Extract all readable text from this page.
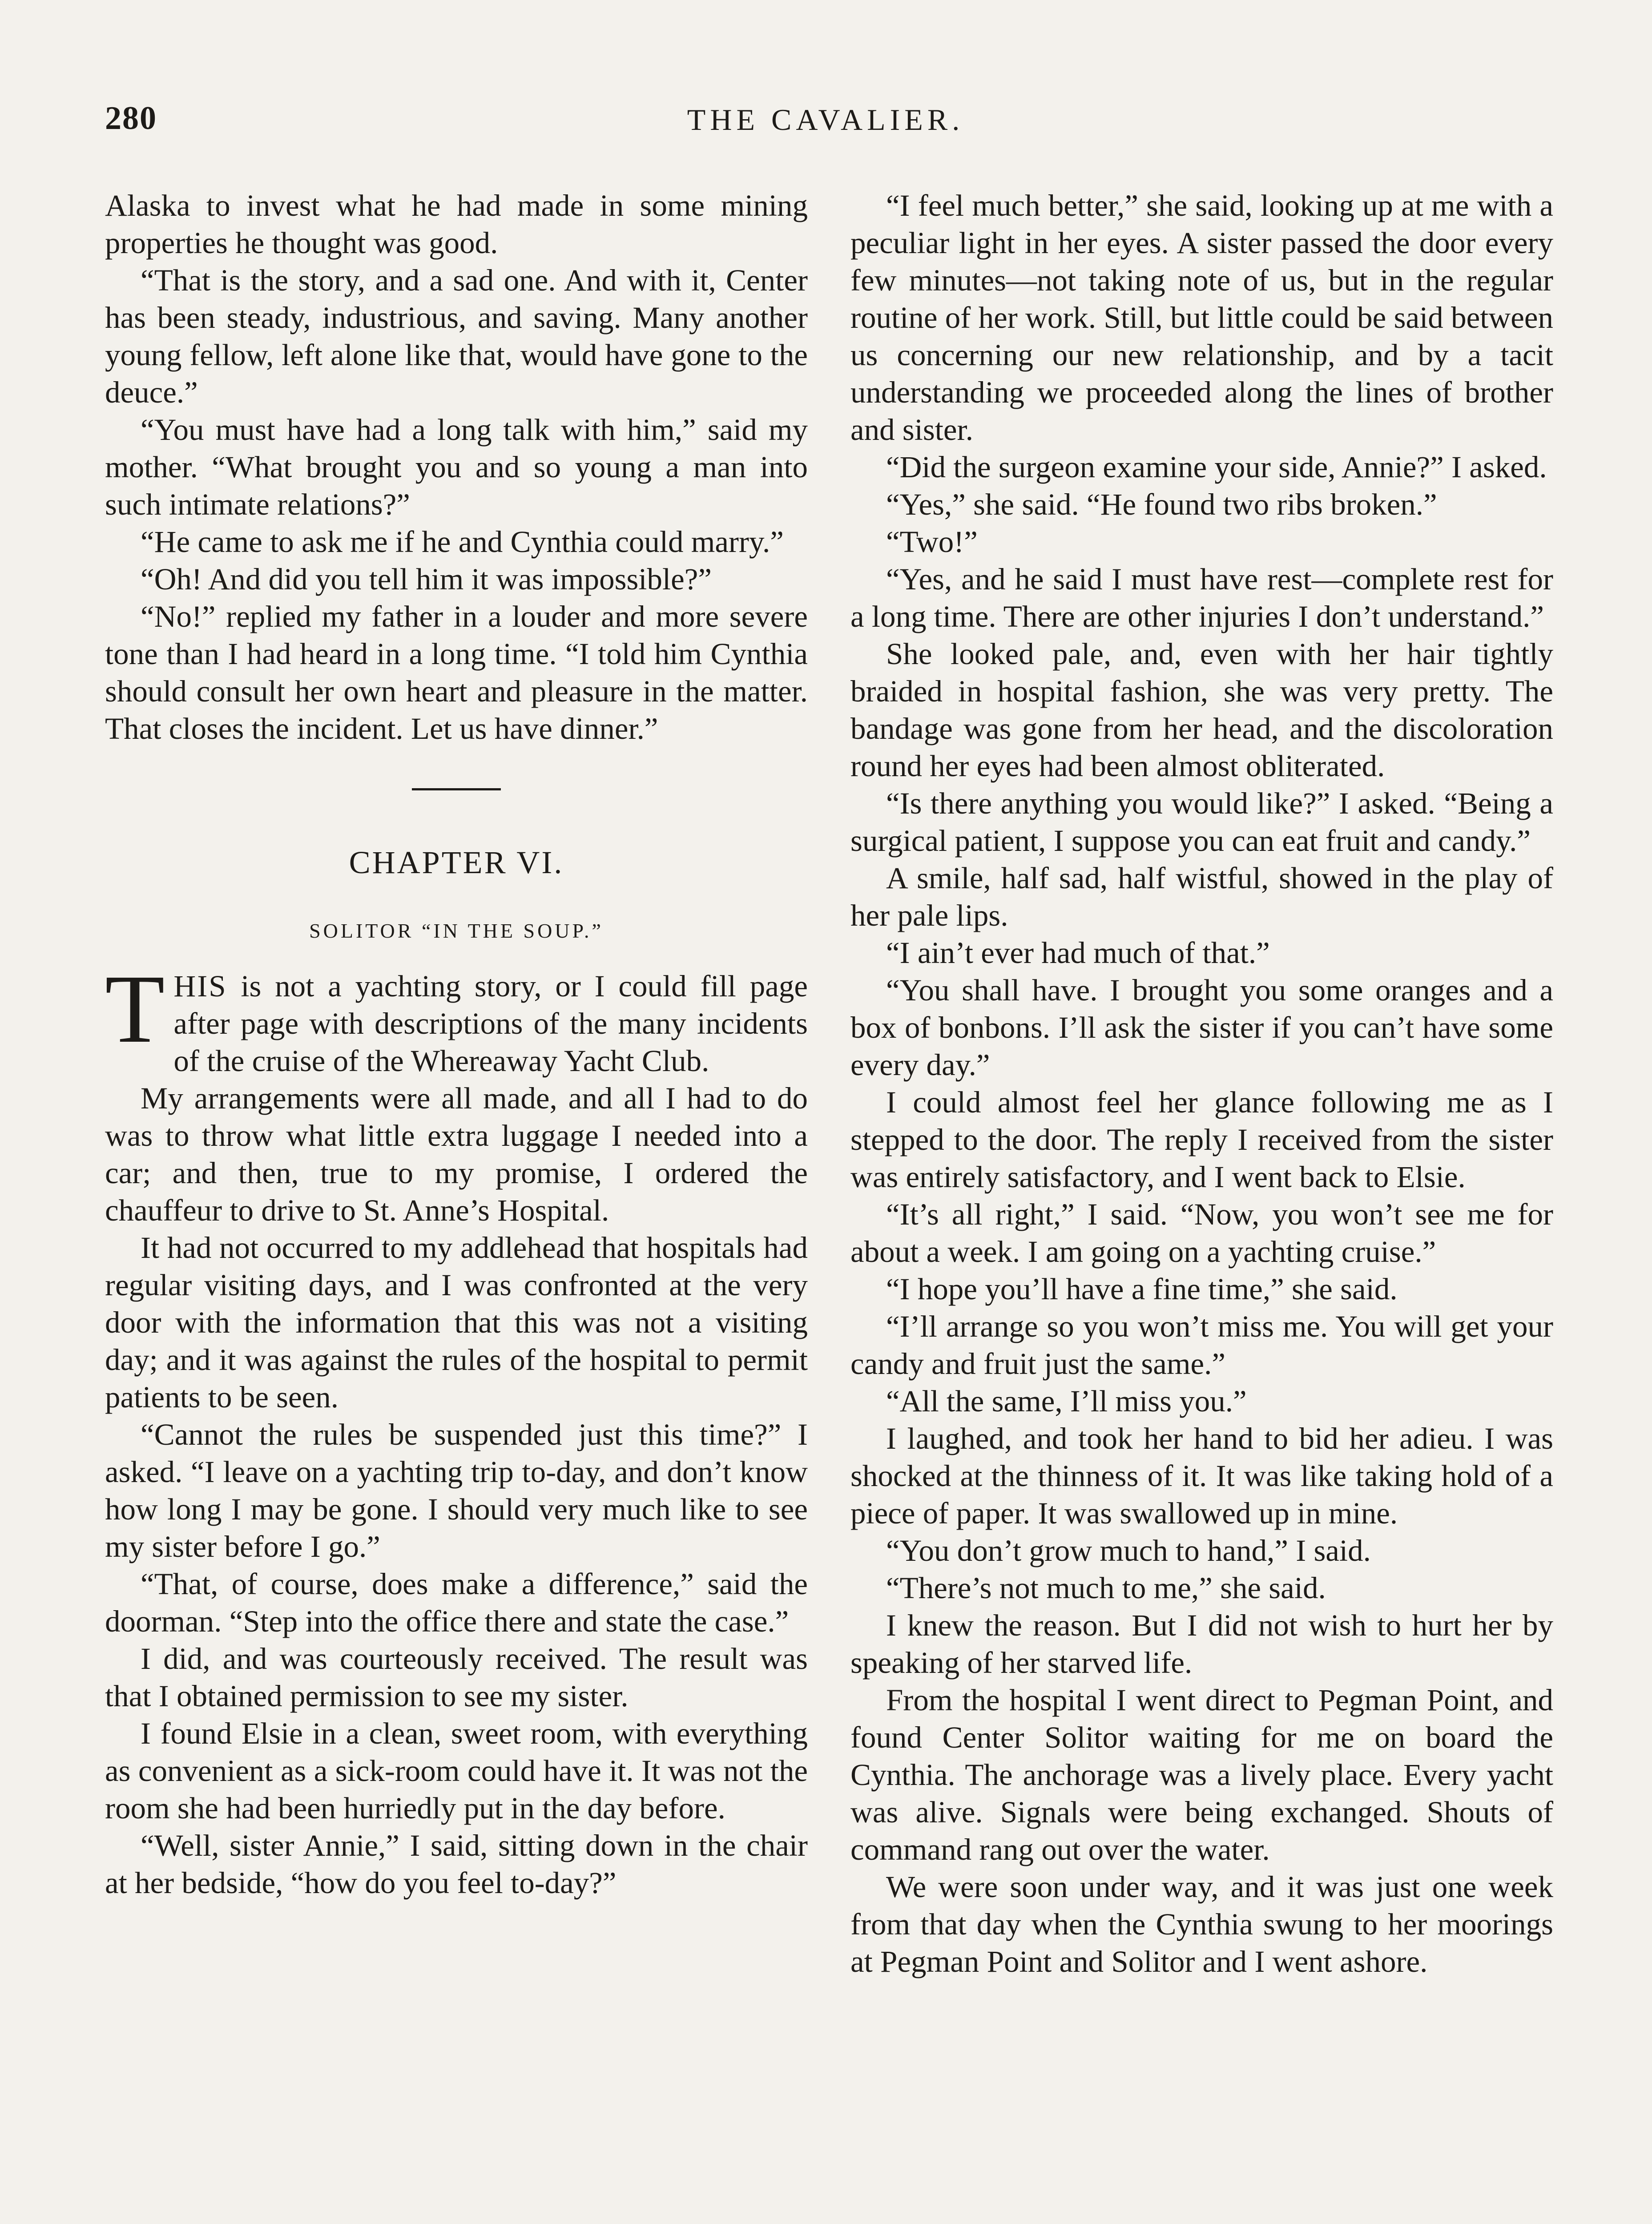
280	THE CAVALIER.

Alaska to invest what he had made in some mining properties he thought was good.

“That is the story, and a sad one. And with it, Center has been steady, industrious, and saving. Many another young fellow, left alone like that, would have gone to the deuce.”

“You must have had a long talk with him,” said my mother. “What brought you and so young a man into such intimate relations?”

“He came to ask me if he and Cynthia could marry.”

“Oh! And did you tell him it was impossible?”

“No!” replied my father in a louder and more severe tone than I had heard in a long time. “I told him Cynthia should consult her own heart and pleasure in the matter. That closes the incident. Let us have dinner.”

CHAPTER VI.
SOLITOR “IN THE SOUP.”

THIS is not a yachting story, or I could fill page after page with descriptions of the many incidents of the cruise of the Whereaway Yacht Club.

My arrangements were all made, and all I had to do was to throw what little extra luggage I needed into a car; and then, true to my promise, I ordered the chauffeur to drive to St. Anne’s Hospital.

It had not occurred to my addlehead that hospitals had regular visiting days, and I was confronted at the very door with the information that this was not a visiting day; and it was against the rules of the hospital to permit patients to be seen.

“Cannot the rules be suspended just this time?” I asked. “I leave on a yachting trip to-day, and don’t know how long I may be gone. I should very much like to see my sister before I go.”

“That, of course, does make a difference,” said the doorman. “Step into the office there and state the case.”

I did, and was courteously received. The result was that I obtained permission to see my sister.

I found Elsie in a clean, sweet room, with everything as convenient as a sick-room could have it. It was not the room she had been hurriedly put in the day before.

“Well, sister Annie,” I said, sitting down in the chair at her bedside, “how do you feel to-day?”

“I feel much better,” she said, looking up at me with a peculiar light in her eyes. A sister passed the door every few minutes—not taking note of us, but in the regular routine of her work. Still, but little could be said between us concerning our new relationship, and by a tacit understanding we proceeded along the lines of brother and sister.

“Did the surgeon examine your side, Annie?” I asked.

“Yes,” she said. “He found two ribs broken.”

“Two!”

“Yes, and he said I must have rest—complete rest for a long time. There are other injuries I don’t understand.”

She looked pale, and, even with her hair tightly braided in hospital fashion, she was very pretty. The bandage was gone from her head, and the discoloration round her eyes had been almost obliterated.

“Is there anything you would like?” I asked. “Being a surgical patient, I suppose you can eat fruit and candy.”

A smile, half sad, half wistful, showed in the play of her pale lips.

“I ain’t ever had much of that.”

“You shall have. I brought you some oranges and a box of bonbons. I’ll ask the sister if you can’t have some every day.”

I could almost feel her glance following me as I stepped to the door. The reply I received from the sister was entirely satisfactory, and I went back to Elsie.

“It’s all right,” I said. “Now, you won’t see me for about a week. I am going on a yachting cruise.”

“I hope you’ll have a fine time,” she said.

“I’ll arrange so you won’t miss me. You will get your candy and fruit just the same.”

“All the same, I’ll miss you.”

I laughed, and took her hand to bid her adieu. I was shocked at the thinness of it. It was like taking hold of a piece of paper. It was swallowed up in mine.

“You don’t grow much to hand,” I said.

“There’s not much to me,” she said.

I knew the reason. But I did not wish to hurt her by speaking of her starved life.

From the hospital I went direct to Pegman Point, and found Center Solitor waiting for me on board the Cynthia. The anchorage was a lively place. Every yacht was alive. Signals were being exchanged. Shouts of command rang out over the water.

We were soon under way, and it was just one week from that day when the Cynthia swung to her moorings at Pegman Point and Solitor and I went ashore.
